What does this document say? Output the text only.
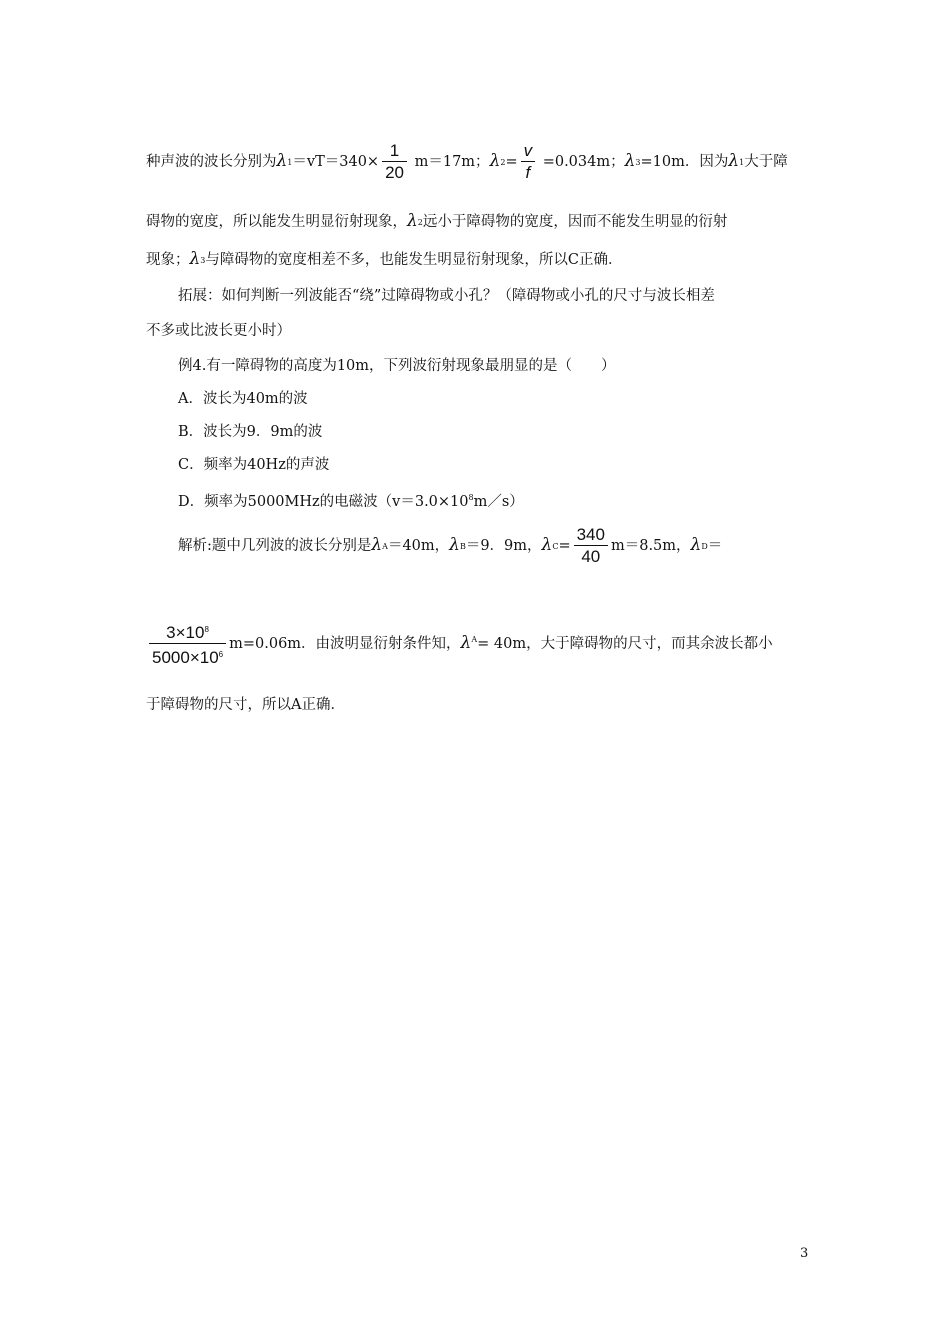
种声波的波长分别为$\lambda 1=vT=340\times \frac{1}{20} m=17m$；$\lambda 2= \frac{v}{f} =0.034m$；λ3=10m．因为λ1大于障
碍物的宽度，所以能发生明显衍射现象，λ2远小于障碍物的宽度，因而不能发生明显的衍射
现象；λ3与障碍物的宽度相差不多，也能发生明显衍射现象，所以C正确．
拓展：如何判断一列波能否“绕”过障碍物或小孔？（障碍物或小孔的尺寸与波长相差
不多或比波长更小时）
例4.有一障碍物的高度为10m，下列波衍射现象最朋显的是（　　）
A．波长为40m的波
B．波长为9．9m的波
C．频率为40Hz的声波
D．频率为5000MHz的电磁波$(v=3.0\times 10^8m/s)$
解析:题中几列波的波长分别是λA＝40m，λB＝9．9m，$\lambda C= \frac{340}{40} m=8.5m$，λD＝
$\frac{3\times 10^8}{5000\times 10^6} m=0.06m$．由波明显衍射条件知，$\lambda^A= 40m$，大于障碍物的尺寸，而其余波长都小
于障碍物的尺寸，所以A正确．
3
